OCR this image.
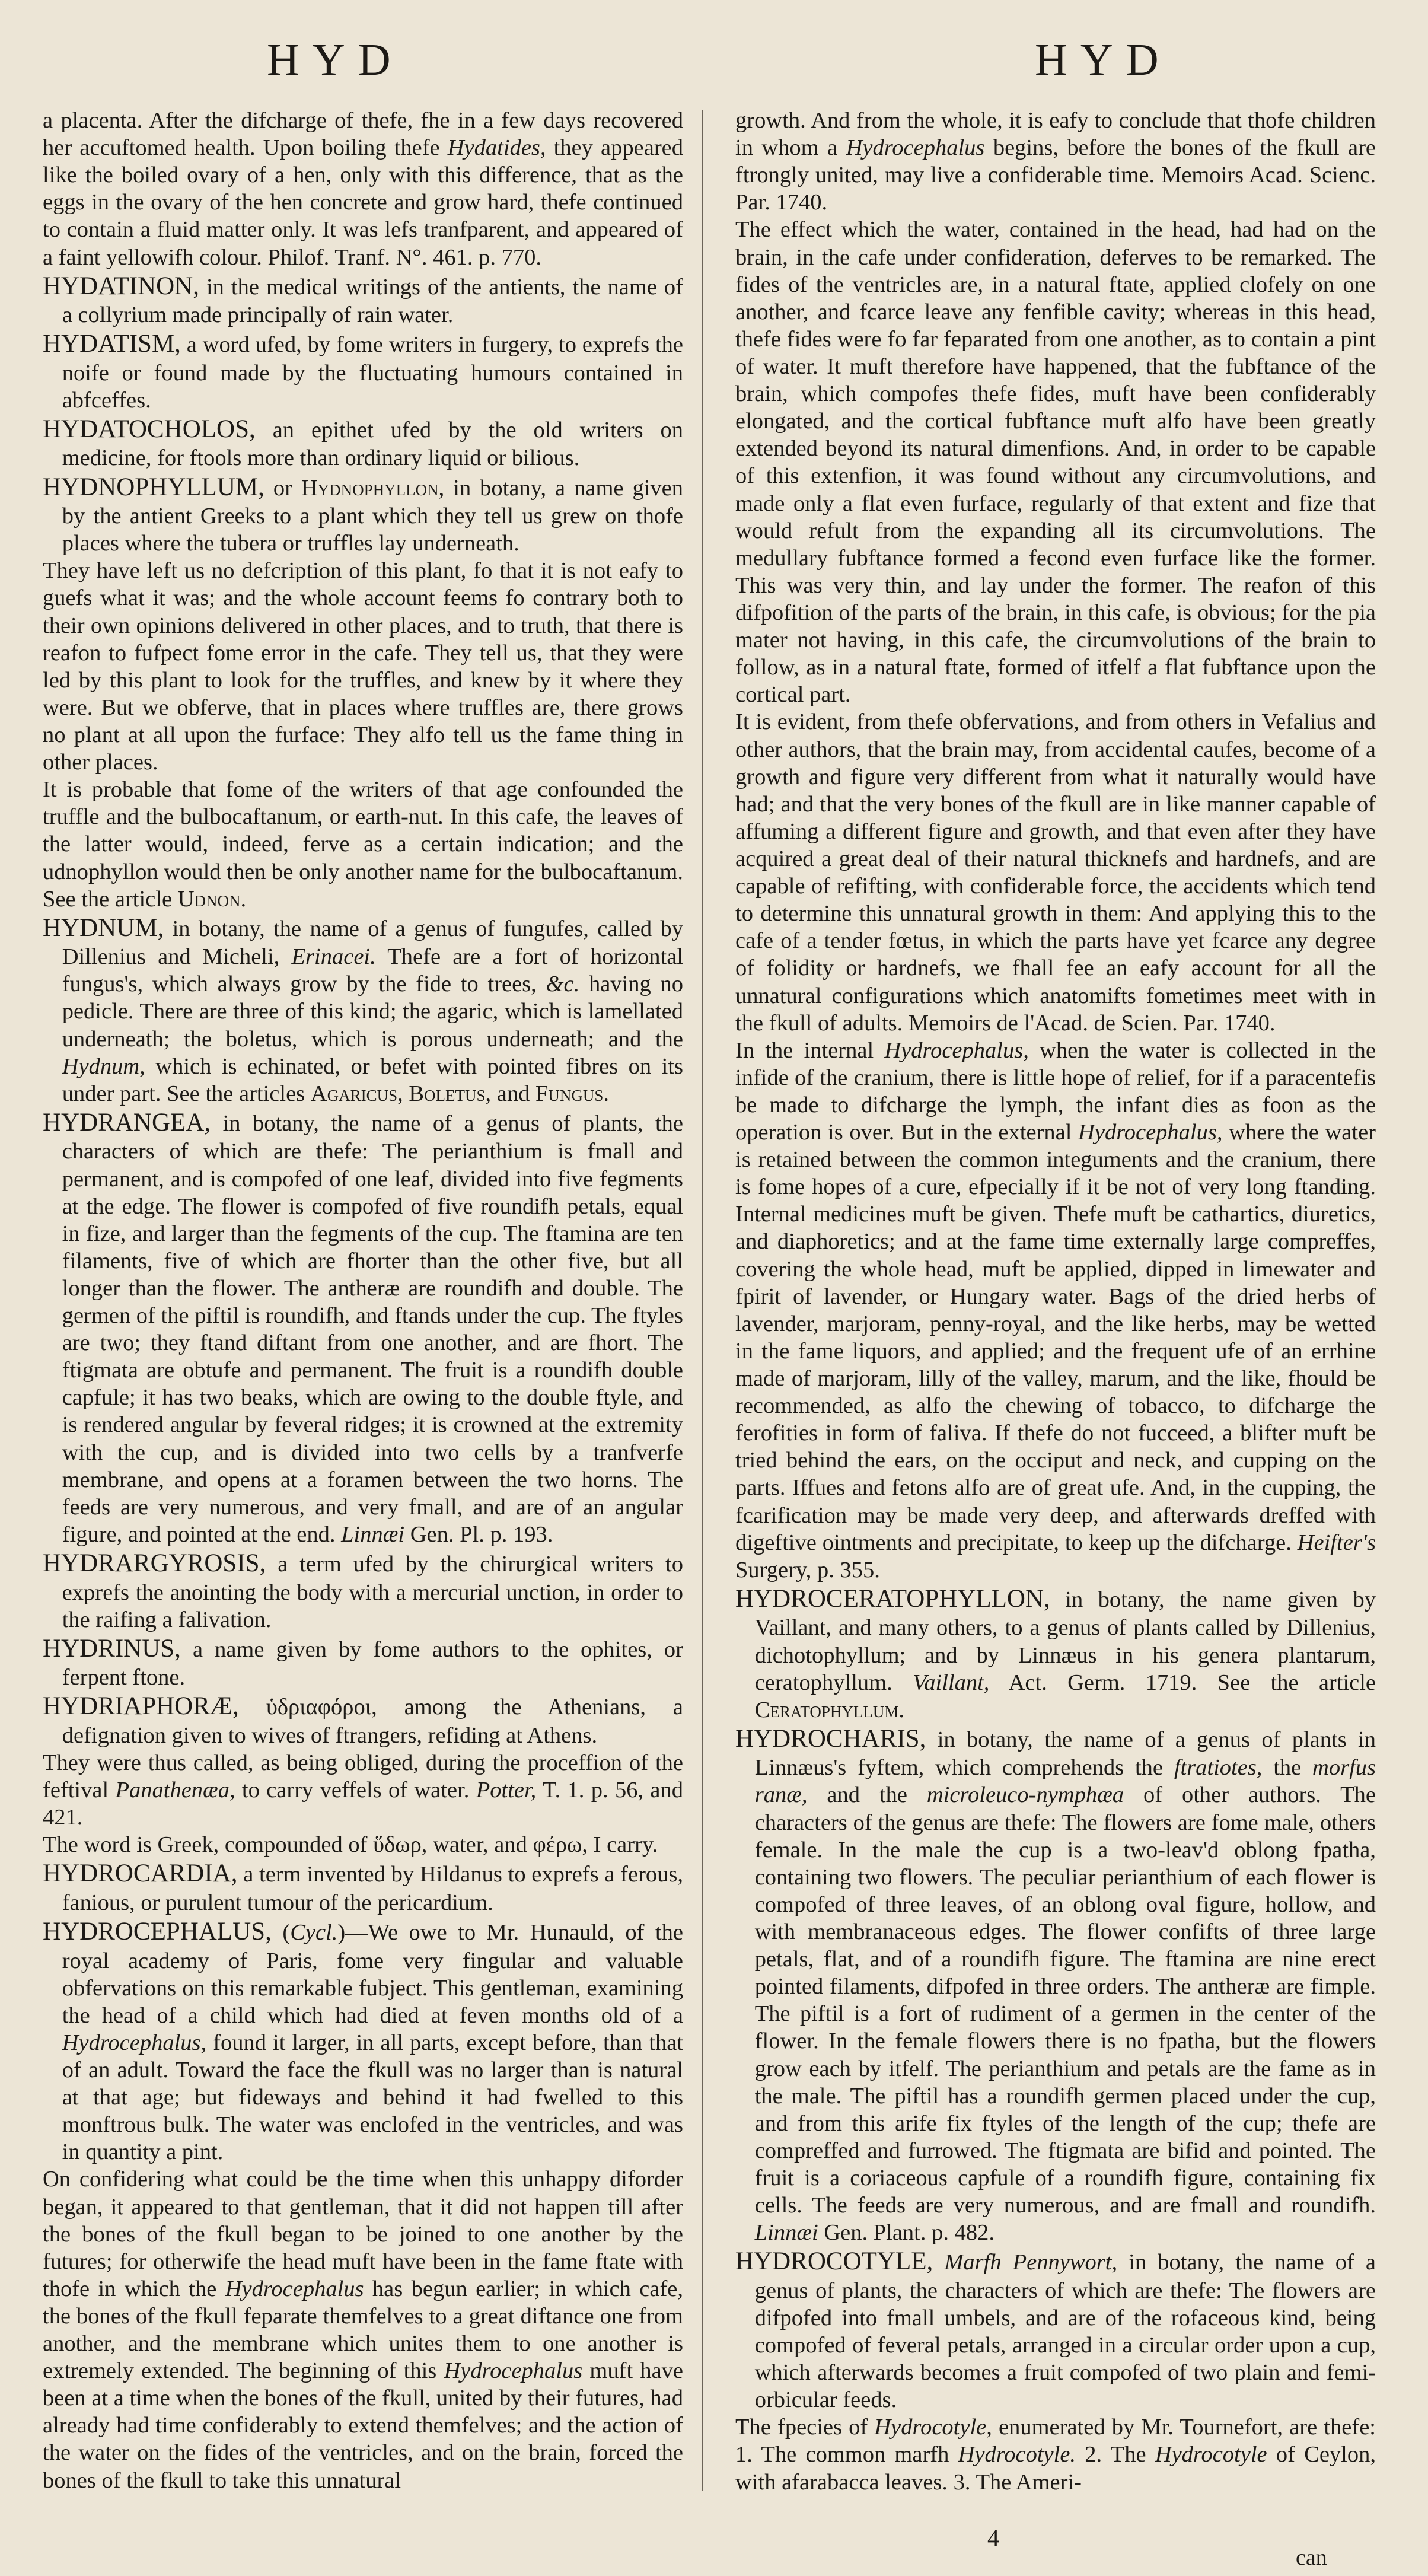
HYD	HYD

a placenta. After the difcharge of thefe, fhe in a few days recovered her accuftomed health. Upon boiling thefe Hydatides, they appeared like the boiled ovary of a hen, only with this difference, that as the eggs in the ovary of the hen concrete and grow hard, thefe continued to contain a fluid matter only. It was lefs tranfparent, and appeared of a faint yellowifh colour. Philof. Tranf. N°. 461. p. 770.

HYDATINON, in the medical writings of the antients, the name of a collyrium made principally of rain water.

HYDATISM, a word ufed, by fome writers in furgery, to exprefs the noife or found made by the fluctuating humours contained in abfceffes.

HYDATOCHOLOS, an epithet ufed by the old writers on medicine, for ftools more than ordinary liquid or bilious.

HYDNOPHYLLUM, or Hydnophyllon, in botany, a name given by the antient Greeks to a plant which they tell us grew on thofe places where the tubera or truffles lay underneath.

They have left us no defcription of this plant, fo that it is not eafy to guefs what it was; and the whole account feems fo contrary both to their own opinions delivered in other places, and to truth, that there is reafon to fufpect fome error in the cafe. They tell us, that they were led by this plant to look for the truffles, and knew by it where they were. But we obferve, that in places where truffles are, there grows no plant at all upon the furface: They alfo tell us the fame thing in other places.

It is probable that fome of the writers of that age confounded the truffle and the bulbocaftanum, or earth-nut. In this cafe, the leaves of the latter would, indeed, ferve as a certain indication; and the udnophyllon would then be only another name for the bulbocaftanum. See the article Udnon.

HYDNUM, in botany, the name of a genus of fungufes, called by Dillenius and Micheli, Erinacei. Thefe are a fort of horizontal fungus's, which always grow by the fide to trees, &c. having no pedicle. There are three of this kind; the agaric, which is lamellated underneath; the boletus, which is porous underneath; and the Hydnum, which is echinated, or befet with pointed fibres on its under part. See the articles Agaricus, Boletus, and Fungus.

HYDRANGEA, in botany, the name of a genus of plants, the characters of which are thefe: The perianthium is fmall and permanent, and is compofed of one leaf, divided into five fegments at the edge. The flower is compofed of five roundifh petals, equal in fize, and larger than the fegments of the cup. The ftamina are ten filaments, five of which are fhorter than the other five, but all longer than the flower. The antheræ are roundifh and double. The germen of the piftil is roundifh, and ftands under the cup. The ftyles are two; they ftand diftant from one another, and are fhort. The ftigmata are obtufe and permanent. The fruit is a roundifh double capfule; it has two beaks, which are owing to the double ftyle, and is rendered angular by feveral ridges; it is crowned at the extremity with the cup, and is divided into two cells by a tranfverfe membrane, and opens at a foramen between the two horns. The feeds are very numerous, and very fmall, and are of an angular figure, and pointed at the end. Linnæi Gen. Pl. p. 193.

HYDRARGYROSIS, a term ufed by the chirurgical writers to exprefs the anointing the body with a mercurial unction, in order to the raifing a falivation.

HYDRINUS, a name given by fome authors to the ophites, or ferpent ftone.

HYDRIAPHORÆ, ὑδριαφόροι, among the Athenians, a defignation given to wives of ftrangers, refiding at Athens.

They were thus called, as being obliged, during the proceffion of the feftival Panathenæa, to carry veffels of water. Potter, T. 1. p. 56, and 421.

The word is Greek, compounded of ὕδωρ, water, and φέρω, I carry.

HYDROCARDIA, a term invented by Hildanus to exprefs a ferous, fanious, or purulent tumour of the pericardium.

HYDROCEPHALUS, (Cycl.)—We owe to Mr. Hunauld, of the royal academy of Paris, fome very fingular and valuable obfervations on this remarkable fubject. This gentleman, examining the head of a child which had died at feven months old of a Hydrocephalus, found it larger, in all parts, except before, than that of an adult. Toward the face the fkull was no larger than is natural at that age; but fideways and behind it had fwelled to this monftrous bulk. The water was enclofed in the ventricles, and was in quantity a pint.

On confidering what could be the time when this unhappy diforder began, it appeared to that gentleman, that it did not happen till after the bones of the fkull began to be joined to one another by the futures; for otherwife the head muft have been in the fame ftate with thofe in which the Hydrocephalus has begun earlier; in which cafe, the bones of the fkull feparate themfelves to a great diftance one from another, and the membrane which unites them to one another is extremely extended. The beginning of this Hydrocephalus muft have been at a time when the bones of the fkull, united by their futures, had already had time confiderably to extend themfelves; and the action of the water on the fides of the ventricles, and on the brain, forced the bones of the fkull to take this unnatural

growth. And from the whole, it is eafy to conclude that thofe children in whom a Hydrocephalus begins, before the bones of the fkull are ftrongly united, may live a confiderable time. Memoirs Acad. Scienc. Par. 1740.

The effect which the water, contained in the head, had had on the brain, in the cafe under confideration, deferves to be remarked. The fides of the ventricles are, in a natural ftate, applied clofely on one another, and fcarce leave any fenfible cavity; whereas in this head, thefe fides were fo far feparated from one another, as to contain a pint of water. It muft therefore have happened, that the fubftance of the brain, which compofes thefe fides, muft have been confiderably elongated, and the cortical fubftance muft alfo have been greatly extended beyond its natural dimenfions. And, in order to be capable of this extenfion, it was found without any circumvolutions, and made only a flat even furface, regularly of that extent and fize that would refult from the expanding all its circumvolutions. The medullary fubftance formed a fecond even furface like the former. This was very thin, and lay under the former. The reafon of this difpofition of the parts of the brain, in this cafe, is obvious; for the pia mater not having, in this cafe, the circumvolutions of the brain to follow, as in a natural ftate, formed of itfelf a flat fubftance upon the cortical part.

It is evident, from thefe obfervations, and from others in Vefalius and other authors, that the brain may, from accidental caufes, become of a growth and figure very different from what it naturally would have had; and that the very bones of the fkull are in like manner capable of affuming a different figure and growth, and that even after they have acquired a great deal of their natural thicknefs and hardnefs, and are capable of refifting, with confiderable force, the accidents which tend to determine this unnatural growth in them: And applying this to the cafe of a tender fœtus, in which the parts have yet fcarce any degree of folidity or hardnefs, we fhall fee an eafy account for all the unnatural configurations which anatomifts fometimes meet with in the fkull of adults. Memoirs de l'Acad. de Scien. Par. 1740.

In the internal Hydrocephalus, when the water is collected in the infide of the cranium, there is little hope of relief, for if a paracentefis be made to difcharge the lymph, the infant dies as foon as the operation is over. But in the external Hydrocephalus, where the water is retained between the common integuments and the cranium, there is fome hopes of a cure, efpecially if it be not of very long ftanding. Internal medicines muft be given. Thefe muft be cathartics, diuretics, and diaphoretics; and at the fame time externally large compreffes, covering the whole head, muft be applied, dipped in limewater and fpirit of lavender, or Hungary water. Bags of the dried herbs of lavender, marjoram, penny-royal, and the like herbs, may be wetted in the fame liquors, and applied; and the frequent ufe of an errhine made of marjoram, lilly of the valley, marum, and the like, fhould be recommended, as alfo the chewing of tobacco, to difcharge the ferofities in form of faliva. If thefe do not fucceed, a blifter muft be tried behind the ears, on the occiput and neck, and cupping on the parts. Iffues and fetons alfo are of great ufe. And, in the cupping, the fcarification may be made very deep, and afterwards dreffed with digeftive ointments and precipitate, to keep up the difcharge. Heifter's Surgery, p. 355.

HYDROCERATOPHYLLON, in botany, the name given by Vaillant, and many others, to a genus of plants called by Dillenius, dichotophyllum; and by Linnæus in his genera plantarum, ceratophyllum. Vaillant, Act. Germ. 1719. See the article Ceratophyllum.

HYDROCHARIS, in botany, the name of a genus of plants in Linnæus's fyftem, which comprehends the ftratiotes, the morfus ranæ, and the microleuco-nymphæa of other authors. The characters of the genus are thefe: The flowers are fome male, others female. In the male the cup is a two-leav'd oblong fpatha, containing two flowers. The peculiar perianthium of each flower is compofed of three leaves, of an oblong oval figure, hollow, and with membranaceous edges. The flower confifts of three large petals, flat, and of a roundifh figure. The ftamina are nine erect pointed filaments, difpofed in three orders. The antheræ are fimple. The piftil is a fort of rudiment of a germen in the center of the flower. In the female flowers there is no fpatha, but the flowers grow each by itfelf. The perianthium and petals are the fame as in the male. The piftil has a roundifh germen placed under the cup, and from this arife fix ftyles of the length of the cup; thefe are compreffed and furrowed. The ftigmata are bifid and pointed. The fruit is a coriaceous capfule of a roundifh figure, containing fix cells. The feeds are very numerous, and are fmall and roundifh. Linnæi Gen. Plant. p. 482.

HYDROCOTYLE, Marfh Pennywort, in botany, the name of a genus of plants, the characters of which are thefe: The flowers are difpofed into fmall umbels, and are of the rofaceous kind, being compofed of feveral petals, arranged in a circular order upon a cup, which afterwards becomes a fruit compofed of two plain and femi-orbicular feeds.

The fpecies of Hydrocotyle, enumerated by Mr. Tournefort, are thefe: 1. The common marfh Hydrocotyle. 2. The Hydrocotyle of Ceylon, with afarabacca leaves. 3. The Ameri-

4
can
